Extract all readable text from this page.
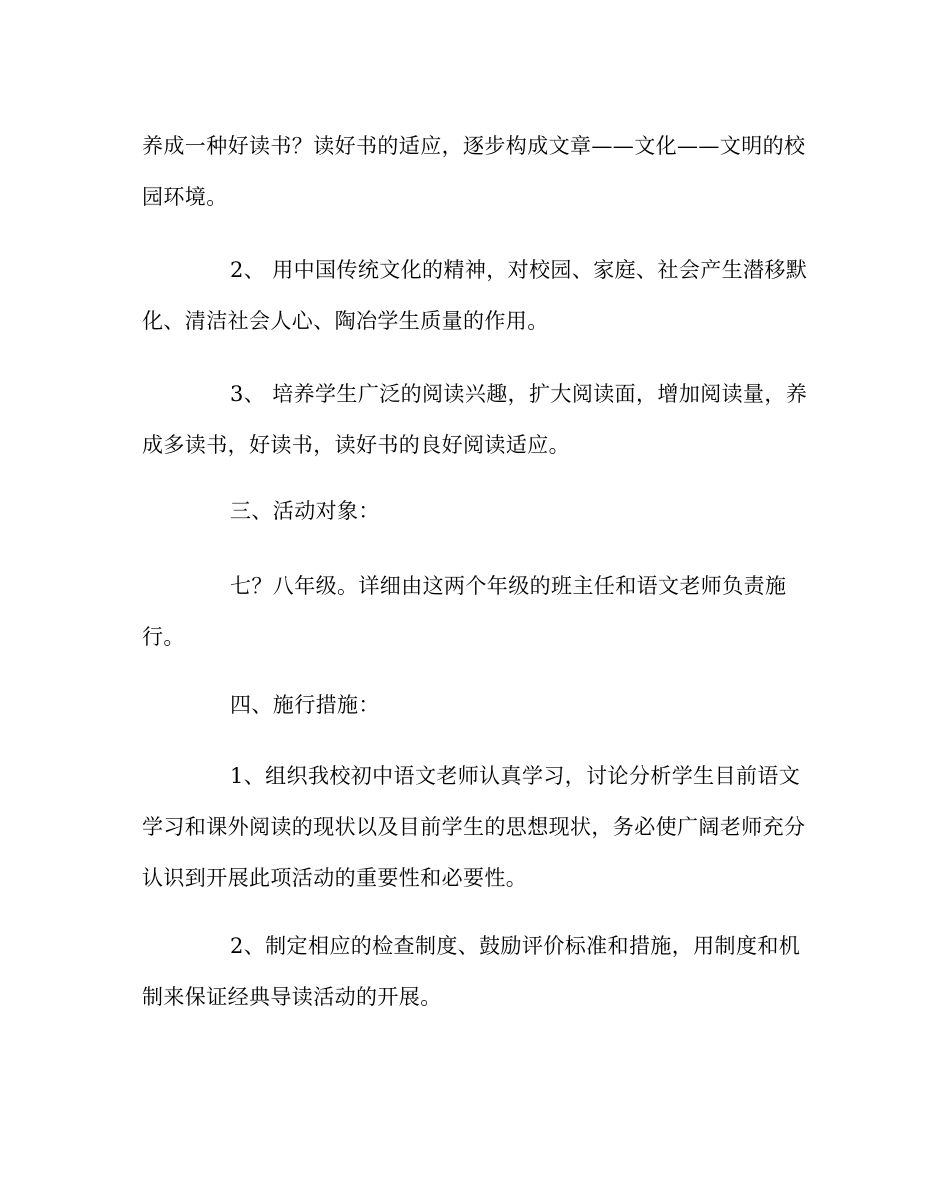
养成一种好读书？读好书的适应，逐步构成文章——文化——文明的校园环境。

2、 用中国传统文化的精神，对校园、家庭、社会产生潜移默化、清洁社会人心、陶冶学生质量的作用。

3、 培养学生广泛的阅读兴趣，扩大阅读面，增加阅读量，养成多读书，好读书，读好书的良好阅读适应。

三、活动对象：

七？八年级。详细由这两个年级的班主任和语文老师负责施行。

四、施行措施：

1、组织我校初中语文老师认真学习，讨论分析学生目前语文学习和课外阅读的现状以及目前学生的思想现状，务必使广阔老师充分认识到开展此项活动的重要性和必要性。

2、制定相应的检查制度、鼓励评价标准和措施，用制度和机制来保证经典导读活动的开展。
